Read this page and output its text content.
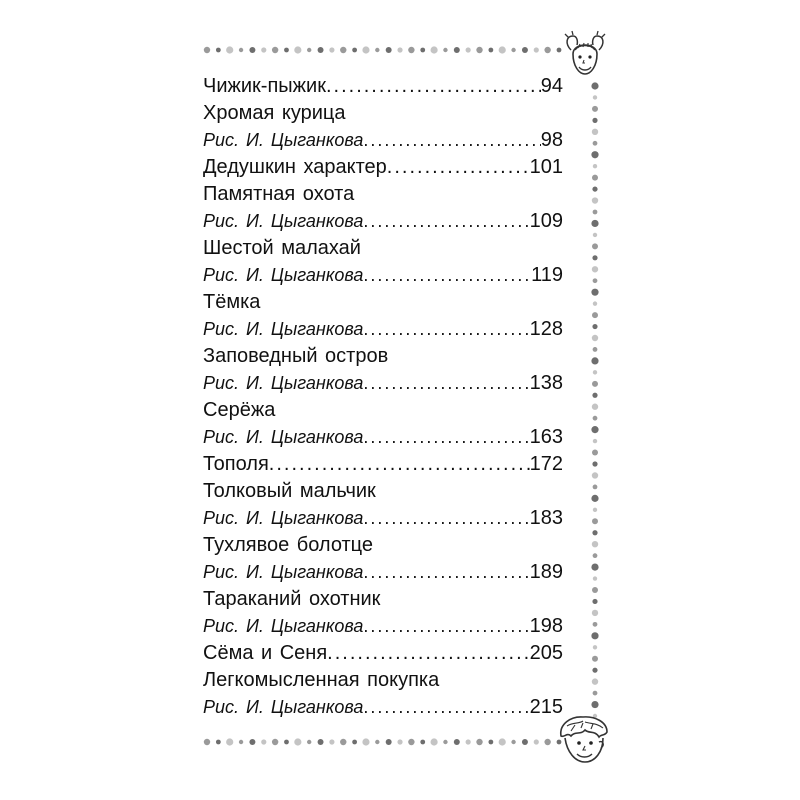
Чижик-пыжик .....	94
Хромая курица
Рис. И. Цыганкова .....	98
Дедушкин характер .....	101
Памятная охота
Рис. И. Цыганкова .....	109
Шестой малахай
Рис. И. Цыганкова .....	119
Тёмка
Рис. И. Цыганкова .....	128
Заповедный остров
Рис. И. Цыганкова .....	138
Серёжа
Рис. И. Цыганкова .....	163
Тополя .....	172
Толковый мальчик
Рис. И. Цыганкова .....	183
Тухлявое болотце
Рис. И. Цыганкова .....	189
Тараканий охотник
Рис. И. Цыганкова .....	198
Сёма и Сеня .....	205
Легкомысленная покупка
Рис. И. Цыганкова .....	215
